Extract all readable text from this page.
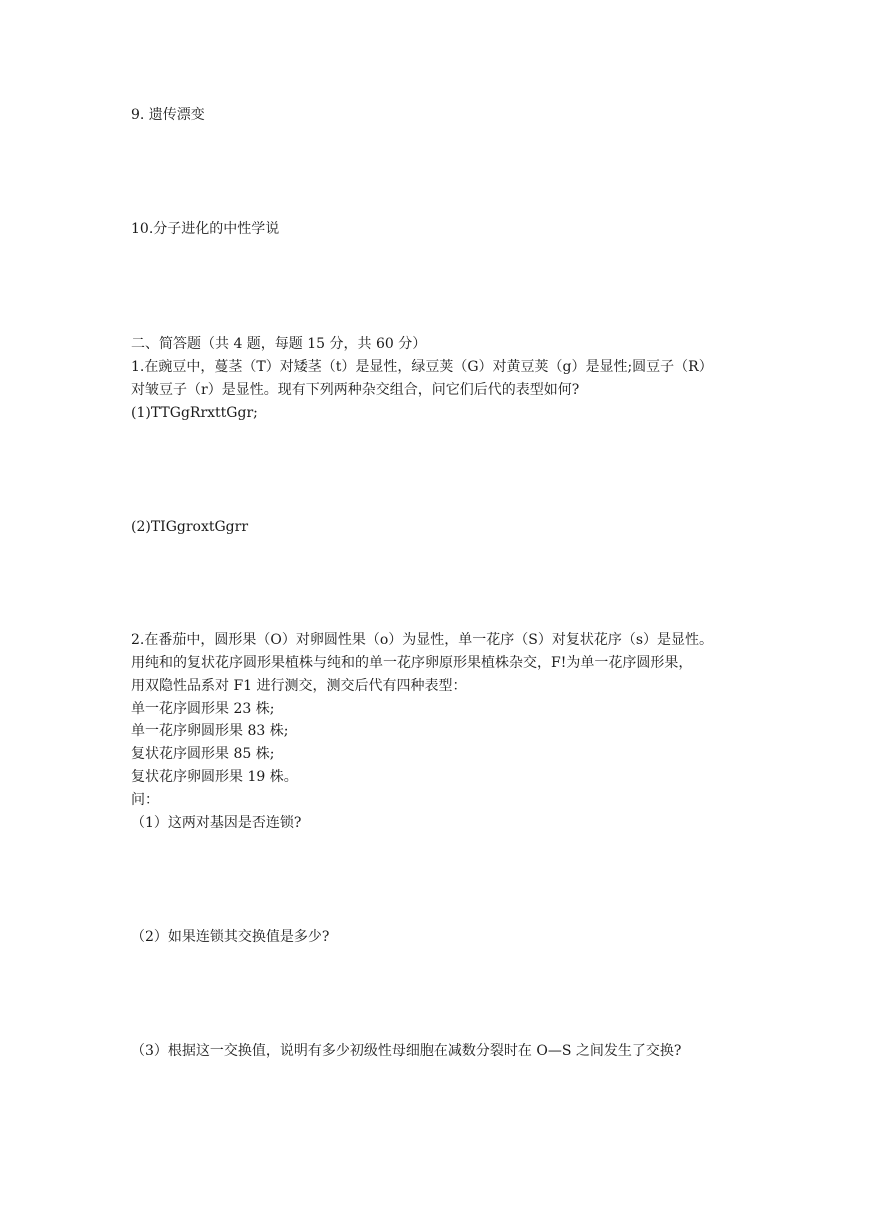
9. 遗传漂变
10.分子进化的中性学说
二、简答题（共 4 题，每题 15 分，共 60 分）
1.在豌豆中，蔓茎（T）对矮茎（t）是显性，绿豆荚（G）对黄豆荚（g）是显性;圆豆子（R）
对皱豆子（r）是显性。现有下列两种杂交组合，问它们后代的表型如何?
(1)TTGgRrxttGgr;
(2)TIGgroxtGgrr
2.在番茄中，圆形果（O）对卵圆性果（o）为显性，单一花序（S）对复状花序（s）是显性。
用纯和的复状花序圆形果植株与纯和的单一花序卵原形果植株杂交，F!为单一花序圆形果，
用双隐性品系对 F1 进行测交，测交后代有四种表型：
单一花序圆形果 23 株;
单一花序卵圆形果 83 株;
复状花序圆形果 85 株;
复状花序卵圆形果 19 株。
问：
（1）这两对基因是否连锁?
（2）如果连锁其交换值是多少?
（3）根据这一交换值，说明有多少初级性母细胞在减数分裂时在 O—S 之间发生了交换?
